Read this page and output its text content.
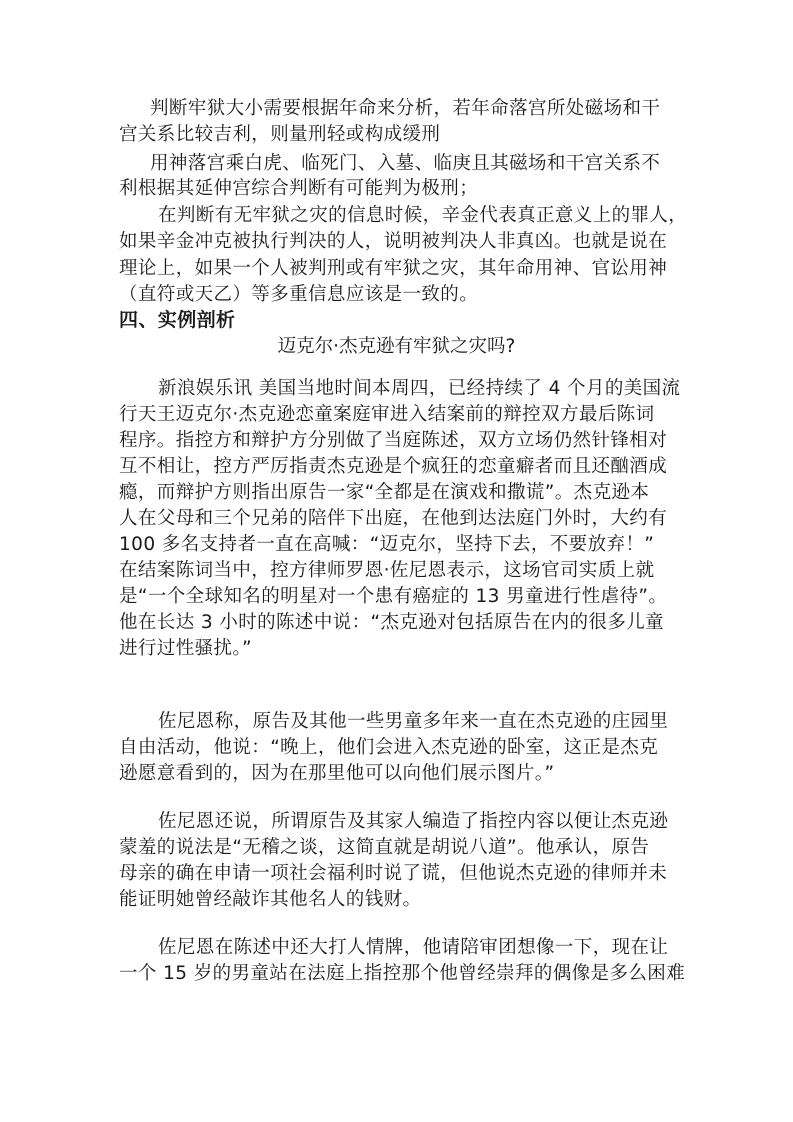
判断牢狱大小需要根据年命来分析，若年命落宫所处磁场和干
宫关系比较吉利，则量刑轻或构成缓刑
用神落宫乘白虎、临死门、入墓、临庚且其磁场和干宫关系不
利根据其延伸宫综合判断有可能判为极刑；
在判断有无牢狱之灾的信息时候，辛金代表真正意义上的罪人，
如果辛金冲克被执行判决的人，说明被判决人非真凶。也就是说在
理论上，如果一个人被判刑或有牢狱之灾，其年命用神、官讼用神
（直符或天乙）等多重信息应该是一致的。
四、实例剖析
迈克尔·杰克逊有牢狱之灾吗?
新浪娱乐讯 美国当地时间本周四，已经持续了 4 个月的美国流
行天王迈克尔·杰克逊恋童案庭审进入结案前的辩控双方最后陈词
程序。指控方和辩护方分别做了当庭陈述，双方立场仍然针锋相对
互不相让，控方严厉指责杰克逊是个疯狂的恋童癖者而且还酗酒成
瘾，而辩护方则指出原告一家“全都是在演戏和撒谎”。杰克逊本
人在父母和三个兄弟的陪伴下出庭，在他到达法庭门外时，大约有
100 多名支持者一直在高喊：“迈克尔，坚持下去，不要放弃！”
在结案陈词当中，控方律师罗恩·佐尼恩表示，这场官司实质上就
是“一个全球知名的明星对一个患有癌症的 13 男童进行性虐待”。
他在长达 3 小时的陈述中说：“杰克逊对包括原告在内的很多儿童
进行过性骚扰。”
佐尼恩称，原告及其他一些男童多年来一直在杰克逊的庄园里
自由活动，他说：“晚上，他们会进入杰克逊的卧室，这正是杰克
逊愿意看到的，因为在那里他可以向他们展示图片。”
佐尼恩还说，所谓原告及其家人编造了指控内容以便让杰克逊
蒙羞的说法是“无稽之谈，这简直就是胡说八道”。他承认，原告
母亲的确在申请一项社会福利时说了谎，但他说杰克逊的律师并未
能证明她曾经敲诈其他名人的钱财。
佐尼恩在陈述中还大打人情牌，他请陪审团想像一下，现在让
一个 15 岁的男童站在法庭上指控那个他曾经崇拜的偶像是多么困难
